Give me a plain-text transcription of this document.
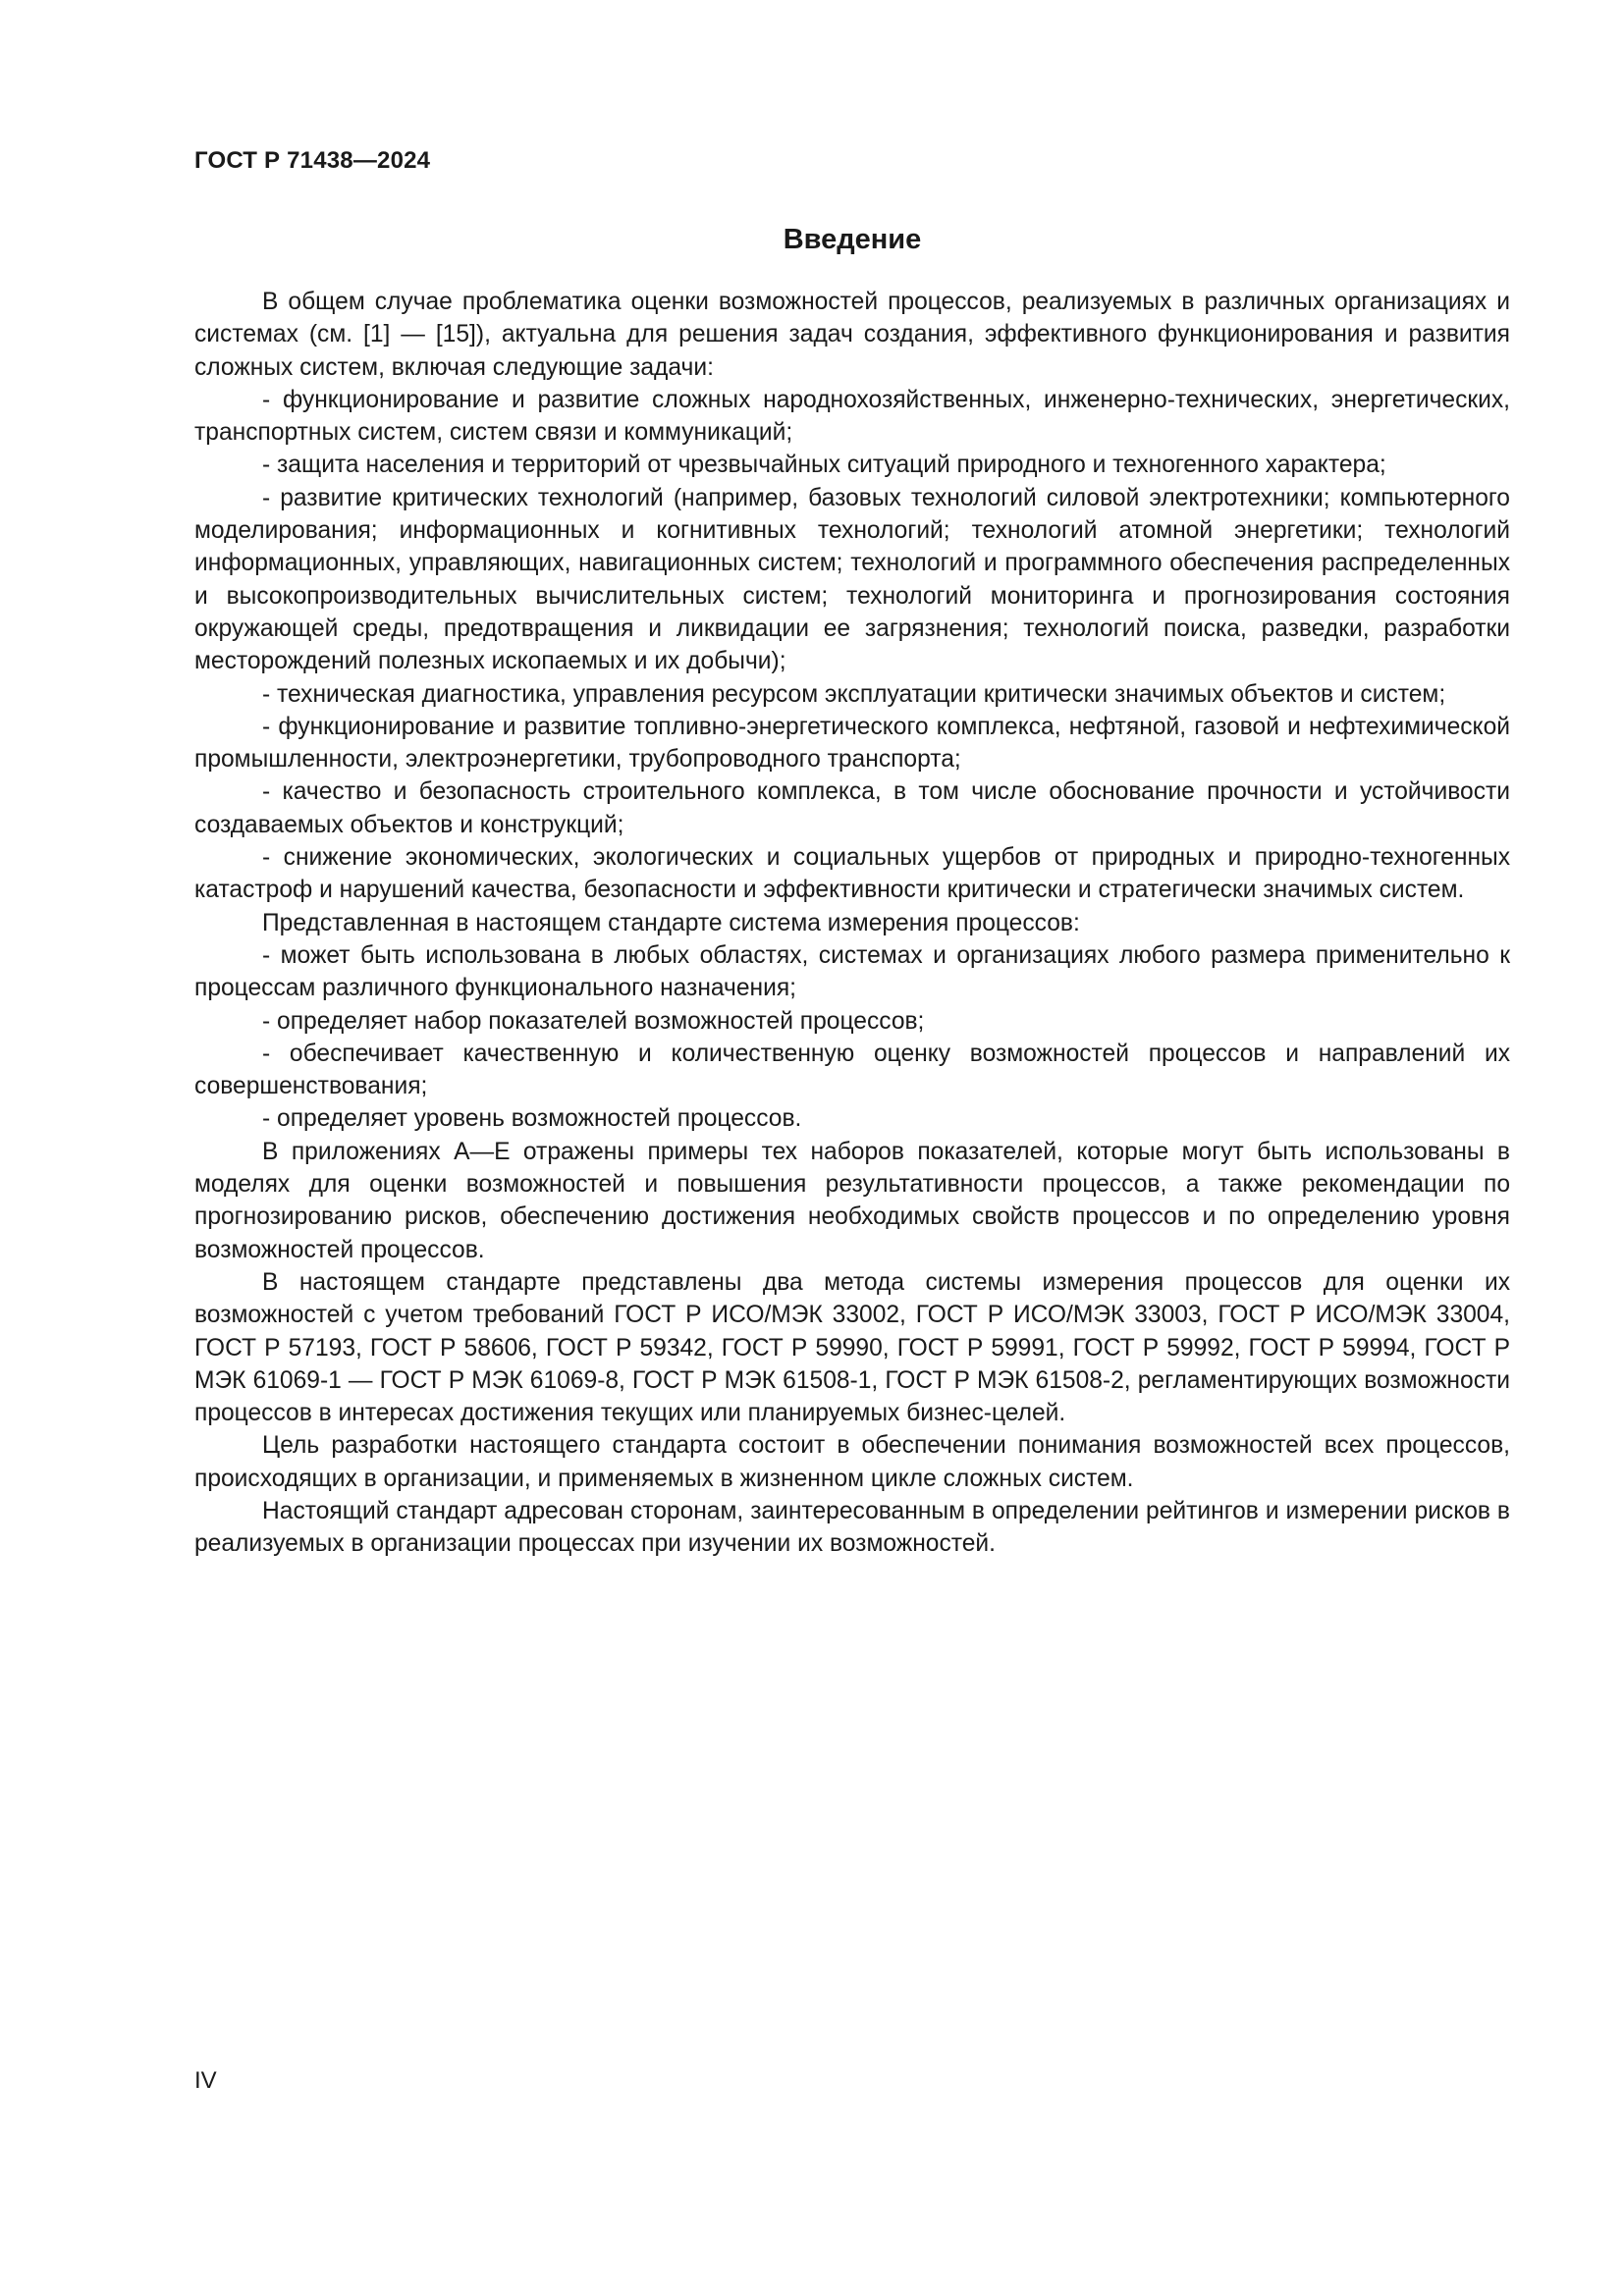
ГОСТ Р 71438—2024
Введение

В общем случае проблематика оценки возможностей процессов, реализуемых в различных организациях и системах (см. [1] — [15]), актуальна для решения задач создания, эффективного функционирования и развития сложных систем, включая следующие задачи:

- функционирование и развитие сложных народнохозяйственных, инженерно-технических, энергетических, транспортных систем, систем связи и коммуникаций;

- защита населения и территорий от чрезвычайных ситуаций природного и техногенного характера;

- развитие критических технологий (например, базовых технологий силовой электротехники; компьютерного моделирования; информационных и когнитивных технологий; технологий атомной энергетики; технологий информационных, управляющих, навигационных систем; технологий и программного обеспечения распределенных и высокопроизводительных вычислительных систем; технологий мониторинга и прогнозирования состояния окружающей среды, предотвращения и ликвидации ее загрязнения; технологий поиска, разведки, разработки месторождений полезных ископаемых и их добычи);

- техническая диагностика, управления ресурсом эксплуатации критически значимых объектов и систем;

- функционирование и развитие топливно-энергетического комплекса, нефтяной, газовой и нефтехимической промышленности, электроэнергетики, трубопроводного транспорта;

- качество и безопасность строительного комплекса, в том числе обоснование прочности и устойчивости создаваемых объектов и конструкций;

- снижение экономических, экологических и социальных ущербов от природных и природно-техногенных катастроф и нарушений качества, безопасности и эффективности критически и стратегически значимых систем.

Представленная в настоящем стандарте система измерения процессов:

- может быть использована в любых областях, системах и организациях любого размера применительно к процессам различного функционального назначения;

- определяет набор показателей возможностей процессов;

- обеспечивает качественную и количественную оценку возможностей процессов и направлений их совершенствования;

- определяет уровень возможностей процессов.

В приложениях А—Е отражены примеры тех наборов показателей, которые могут быть использованы в моделях для оценки возможностей и повышения результативности процессов, а также рекомендации по прогнозированию рисков, обеспечению достижения необходимых свойств процессов и по определению уровня возможностей процессов.

В настоящем стандарте представлены два метода системы измерения процессов для оценки их возможностей с учетом требований ГОСТ Р ИСО/МЭК 33002, ГОСТ Р ИСО/МЭК 33003, ГОСТ Р ИСО/МЭК 33004, ГОСТ Р 57193, ГОСТ Р 58606, ГОСТ Р 59342, ГОСТ Р 59990, ГОСТ Р 59991, ГОСТ Р 59992, ГОСТ Р 59994, ГОСТ Р МЭК 61069-1 — ГОСТ Р МЭК 61069-8, ГОСТ Р МЭК 61508-1, ГОСТ Р МЭК 61508-2, регламентирующих возможности процессов в интересах достижения текущих или планируемых бизнес-целей.

Цель разработки настоящего стандарта состоит в обеспечении понимания возможностей всех процессов, происходящих в организации, и применяемых в жизненном цикле сложных систем.

Настоящий стандарт адресован сторонам, заинтересованным в определении рейтингов и измерении рисков в реализуемых в организации процессах при изучении их возможностей.

IV
